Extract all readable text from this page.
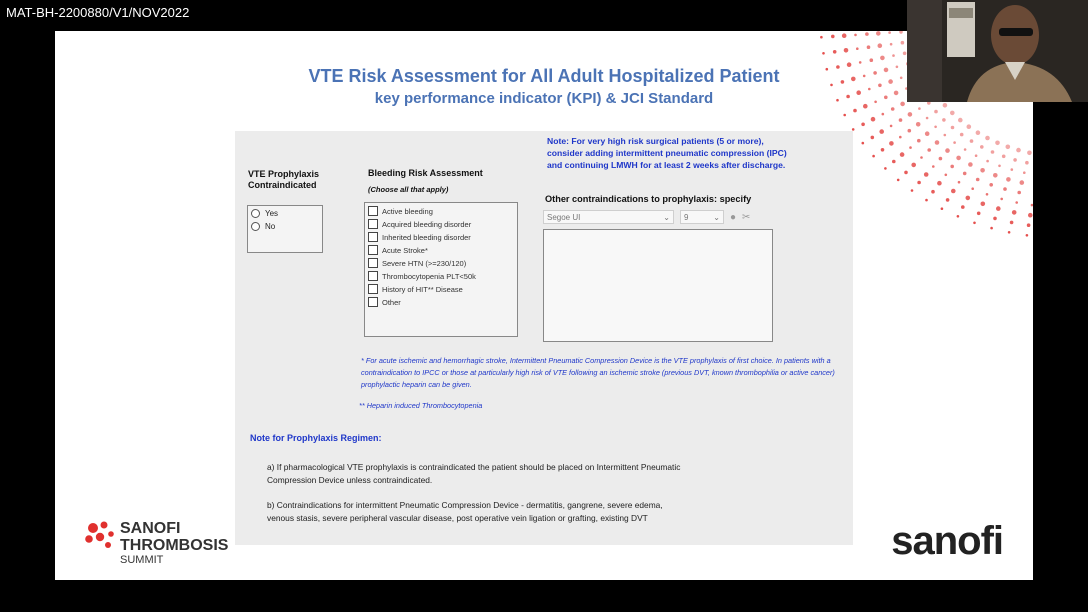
MAT-BH-2200880/V1/NOV2022
VTE Risk Assessment for All Adult Hospitalized Patient
key performance indicator (KPI) & JCI Standard
VTE Prophylaxis
Contraindicated
Yes
No
Bleeding Risk Assessment
(Choose all that apply)
Active bleeding
Acquired bleeding disorder
Inherited bleeding disorder
Acute Stroke*
Severe HTN (>=230/120)
Thrombocytopenia PLT<50k
History of HIT** Disease
Other
Note: For very high risk surgical patients (5 or more), consider adding intermittent pneumatic compression (IPC) and continuing LMWH for at least 2 weeks after discharge.
Other contraindications to prophylaxis: specify
Segoe UI	⌄ 9	⌄ ● ✂
* For acute ischemic and hemorrhagic stroke, Intermittent Pneumatic Compression Device is the VTE prophylaxis of first choice. In patients with a contraindication to IPCC or those at particularly high risk of VTE following an ischemic stroke (previous DVT, known thrombophilia or active cancer) prophylactic heparin can be given.
** Heparin induced Thrombocytopenia
Note for Prophylaxis Regimen:
a) If pharmacological VTE prophylaxis is contraindicated the patient should be placed on Intermittent Pneumatic Compression Device unless contraindicated.
b) Contraindications for intermittent Pneumatic Compression Device - dermatitis, gangrene, severe edema, venous stasis, severe peripheral vascular disease, post operative vein ligation or grafting, existing DVT
SANOFI
THROMBOSIS
SUMMIT	sanofi
